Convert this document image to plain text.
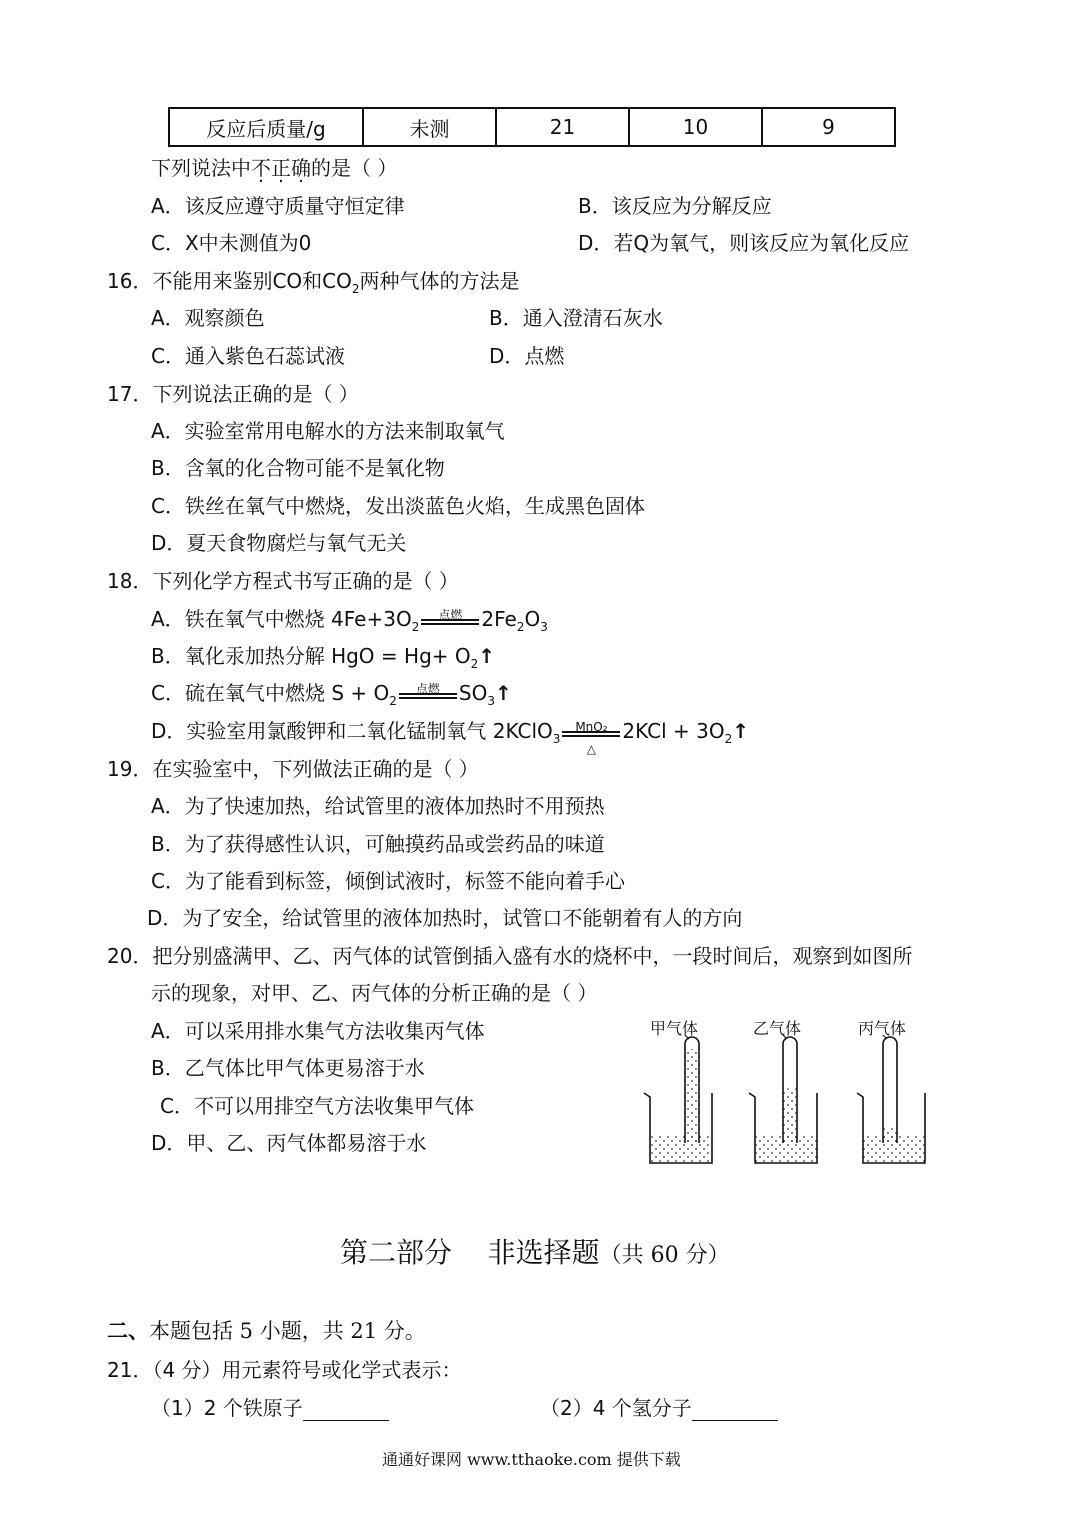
反应后质量/g	未测	21	10	9
下列说法中不正确的是（ ）
A．该反应遵守质量守恒定律	B．该反应为分解反应
C．X中未测值为0	D．若Q为氧气，则该反应为氧化反应
16．不能用来鉴别CO和$CO_2$两种气体的方法是
A．观察颜色	B．通入澄清石灰水
C．通入紫色石蕊试液	D．点燃
17．下列说法正确的是（ ）
A．实验室常用电解水的方法来制取氧气
B．含氧的化合物可能不是氧化物
C．铁丝在氧气中燃烧，发出淡蓝色火焰，生成黑色固体
D．夏天食物腐烂与氧气无关
18．下列化学方程式书写正确的是（ ）
A．铁在氧气中燃烧 $4Fe+3O_2$
点燃 $2Fe_2O_3$
B．氧化汞加热分解 HgO = $Hg+ O_2↑$
C．硫在氧气中燃烧 $S + O_2$
点燃 $SO_3↑$
D．实验室用氯酸钾和二氧化锰制氧气 2KClO$_3$
MnO₂
△
$2KCl + 3O_2↑$
19．在实验室中，下列做法正确的是（ ）
A．为了快速加热，给试管里的液体加热时不用预热
B．为了获得感性认识，可触摸药品或尝药品的味道
C．为了能看到标签，倾倒试液时，标签不能向着手心
D．为了安全，给试管里的液体加热时，试管口不能朝着有人的方向
20．把分别盛满甲、乙、丙气体的试管倒插入盛有水的烧杯中，一段时间后，观察到如图所
示的现象，对甲、乙、丙气体的分析正确的是（ ）
A．可以采用排水集气方法收集丙气体
B．乙气体比甲气体更易溶于水
C．不可以用排空气方法收集甲气体
D．甲、乙、丙气体都易溶于水
甲气体	乙气体	丙气体
第二部分    非选择题（共 60 分）
二、本题包括 5 小题，共 21 分。
21．（4 分）用元素符号或化学式表示：
（1）2 个铁原子	（2）4 个氢分子
通通好课网 www.tthaoke.com 提供下载
